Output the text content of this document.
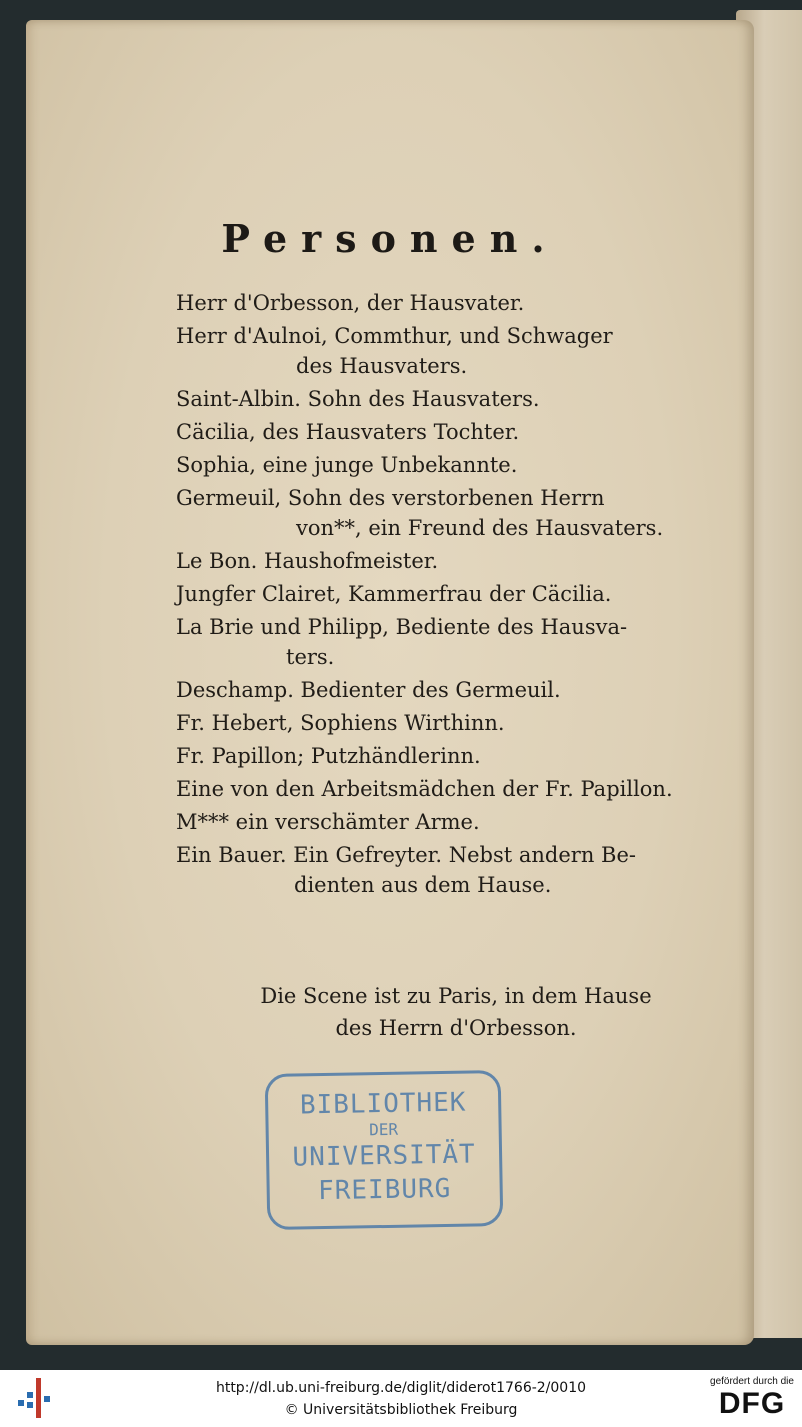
Personen.
Herr d'Orbesson, der Hausvater.
Herr d'Aulnoi, Commthur, und Schwager
des Hausvaters.
Saint-Albin. Sohn des Hausvaters.
Cäcilia, des Hausvaters Tochter.
Sophia, eine junge Unbekannte.
Germeuil, Sohn des verstorbenen Herrn
von**, ein Freund des Hausvaters.
Le Bon. Haushofmeister.
Jungfer Clairet, Kammerfrau der Cäcilia.
La Brie und Philipp, Bediente des Hausva-
ters.
Deschamp. Bedienter des Germeuil.
Fr. Hebert, Sophiens Wirthinn.
Fr. Papillon; Putzhändlerinn.
Eine von den Arbeitsmädchen der Fr. Papillon.
M*** ein verschämter Arme.
Ein Bauer. Ein Gefreyter. Nebst andern Be-
dienten aus dem Hause.
Die Scene ist zu Paris, in dem Hause
des Herrn d'Orbesson.
BIBLIOTHEK
DER
UNIVERSITÄT
FREIBURG
http://dl.ub.uni-freiburg.de/diglit/diderot1766-2/0010
© Universitätsbibliothek Freiburg
gefördert durch die
DFG
